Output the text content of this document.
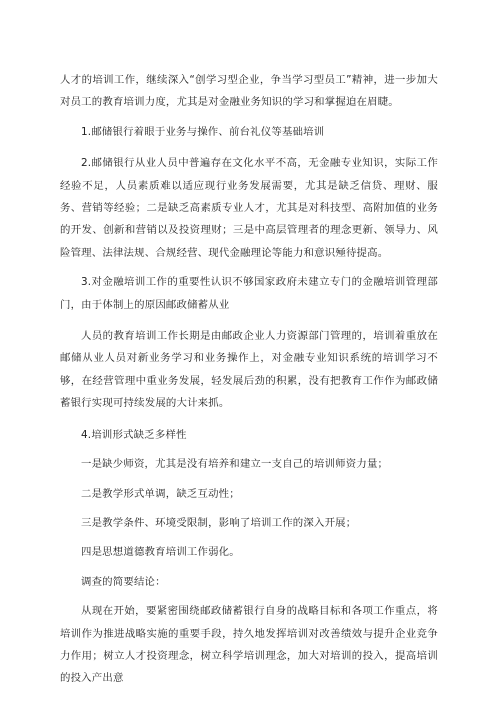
人才的培训工作，继续深入“创学习型企业，争当学习型员工”精神，进一步加大对员工的教育培训力度，尤其是对金融业务知识的学习和掌握迫在眉睫。

1.邮储银行着眼于业务与操作、前台礼仪等基础培训

2.邮储银行从业人员中普遍存在文化水平不高，无金融专业知识，实际工作经验不足，人员素质难以适应现行业务发展需要，尤其是缺乏信贷、理财、服务、营销等经验；二是缺乏高素质专业人才，尤其是对科技型、高附加值的业务的开发、创新和营销以及投资理财；三是中高层管理者的理念更新、领导力、风险管理、法律法规、合规经营、现代金融理论等能力和意识殛待提高。

3.对金融培训工作的重要性认识不够国家政府未建立专门的金融培训管理部门，由于体制上的原因邮政储蓄从业

人员的教育培训工作长期是由邮政企业人力资源部门管理的，培训着重放在邮储从业人员对新业务学习和业务操作上，对金融专业知识系统的培训学习不够，在经营管理中重业务发展，轻发展后劲的积累，没有把教育工作作为邮政储蓄银行实现可持续发展的大计来抓。

4.培训形式缺乏多样性

一是缺少师资，尤其是没有培养和建立一支自己的培训师资力量；

二是教学形式单调，缺乏互动性；

三是教学条件、环境受限制，影响了培训工作的深入开展；

四是思想道德教育培训工作弱化。

调查的简要结论：

从现在开始，要紧密围绕邮政储蓄银行自身的战略目标和各项工作重点，将培训作为推进战略实施的重要手段，持久地发挥培训对改善绩效与提升企业竞争力作用；树立人才投资理念，树立科学培训理念，加大对培训的投入，提高培训的投入产出意
